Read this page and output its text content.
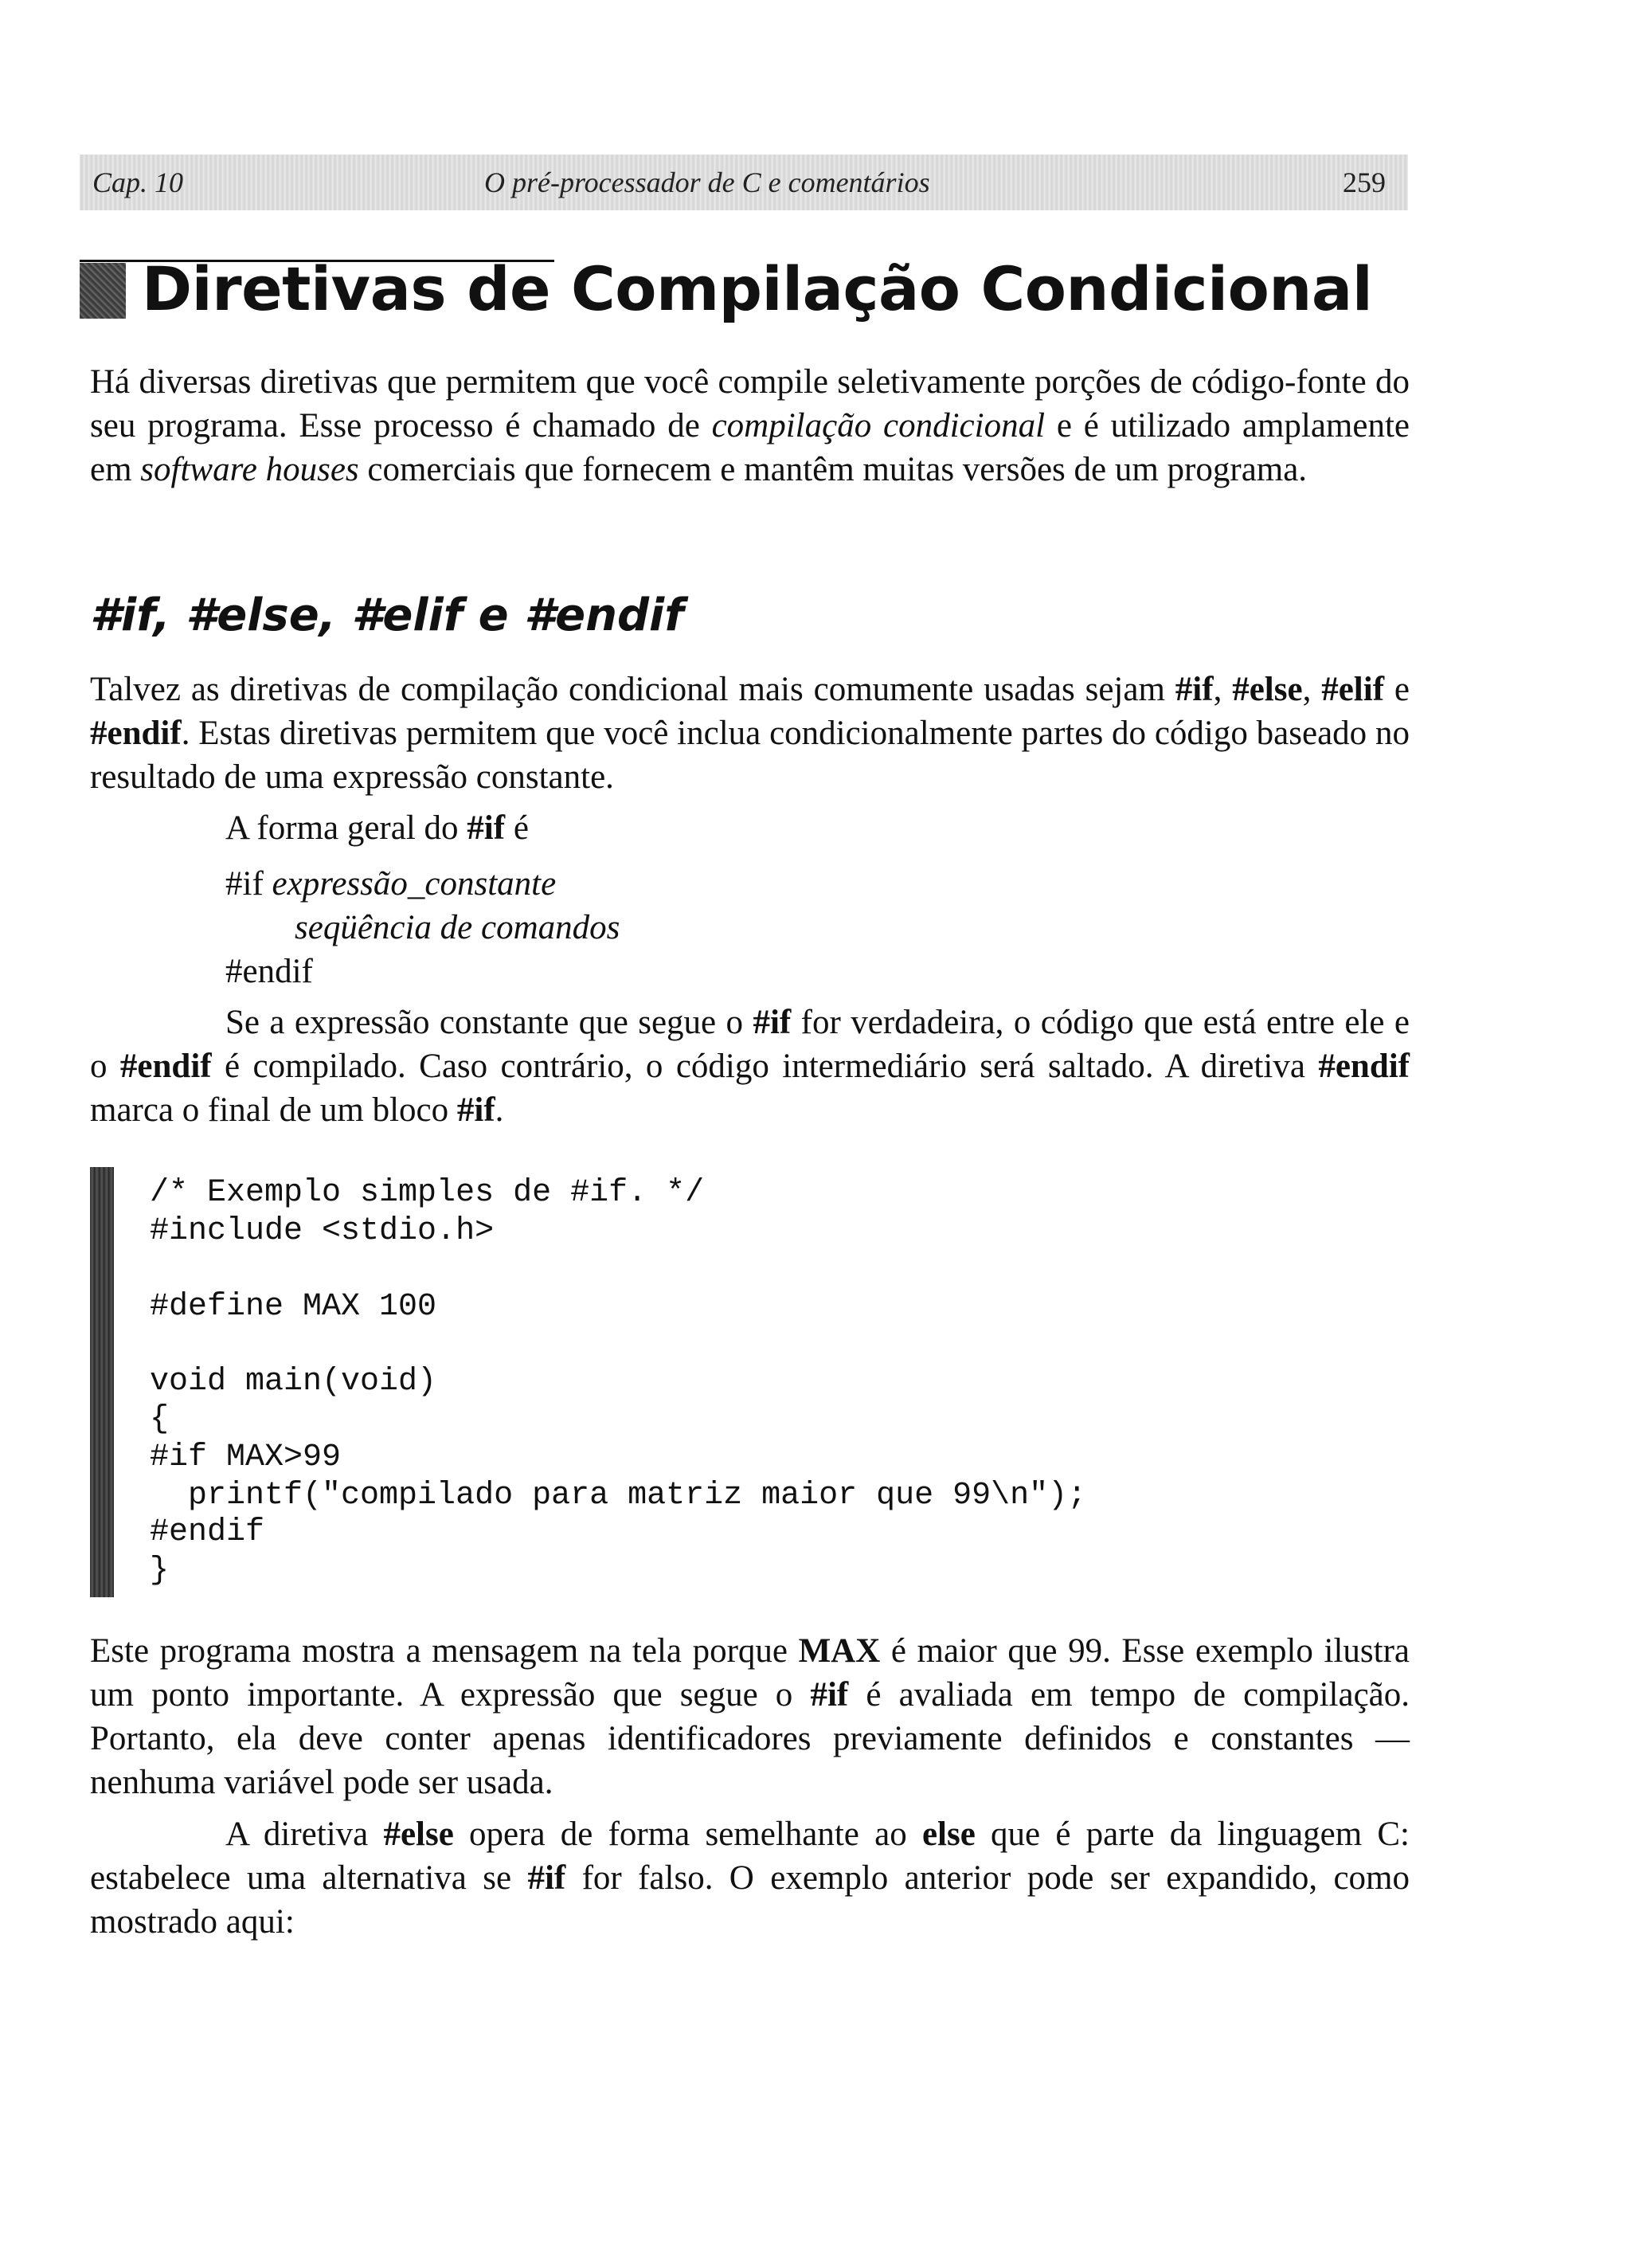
Cap. 10	O pré-processador de C e comentários	259
Diretivas de Compilação Condicional

Há diversas diretivas que permitem que você compile seletivamente porções de código-fonte do seu programa. Esse processo é chamado de compilação condicional e é utilizado amplamente em software houses comerciais que fornecem e mantêm muitas versões de um programa.

#if, #else, #elif e #endif

Talvez as diretivas de compilação condicional mais comumente usadas sejam #if, #else, #elif e #endif. Estas diretivas permitem que você inclua condicionalmente partes do código baseado no resultado de uma expressão constante.

A forma geral do #if é

#if expressão_constante

seqüência de comandos

#endif

Se a expressão constante que segue o #if for verdadeira, o código que está entre ele e o #endif é compilado. Caso contrário, o código intermediário será saltado. A diretiva #endif marca o final de um bloco #if.

/* Exemplo simples de #if. */
#include <stdio.h>
#define MAX 100
void main(void)
{
#if MAX>99
printf("compilado para matriz maior que 99\n");
#endif
}

Este programa mostra a mensagem na tela porque MAX é maior que 99. Esse exemplo ilustra um ponto importante. A expressão que segue o #if é avaliada em tempo de compilação. Portanto, ela deve conter apenas identificadores previamente definidos e constantes — nenhuma variável pode ser usada.

A diretiva #else opera de forma semelhante ao else que é parte da linguagem C: estabelece uma alternativa se #if for falso. O exemplo anterior pode ser expandido, como mostrado aqui:
